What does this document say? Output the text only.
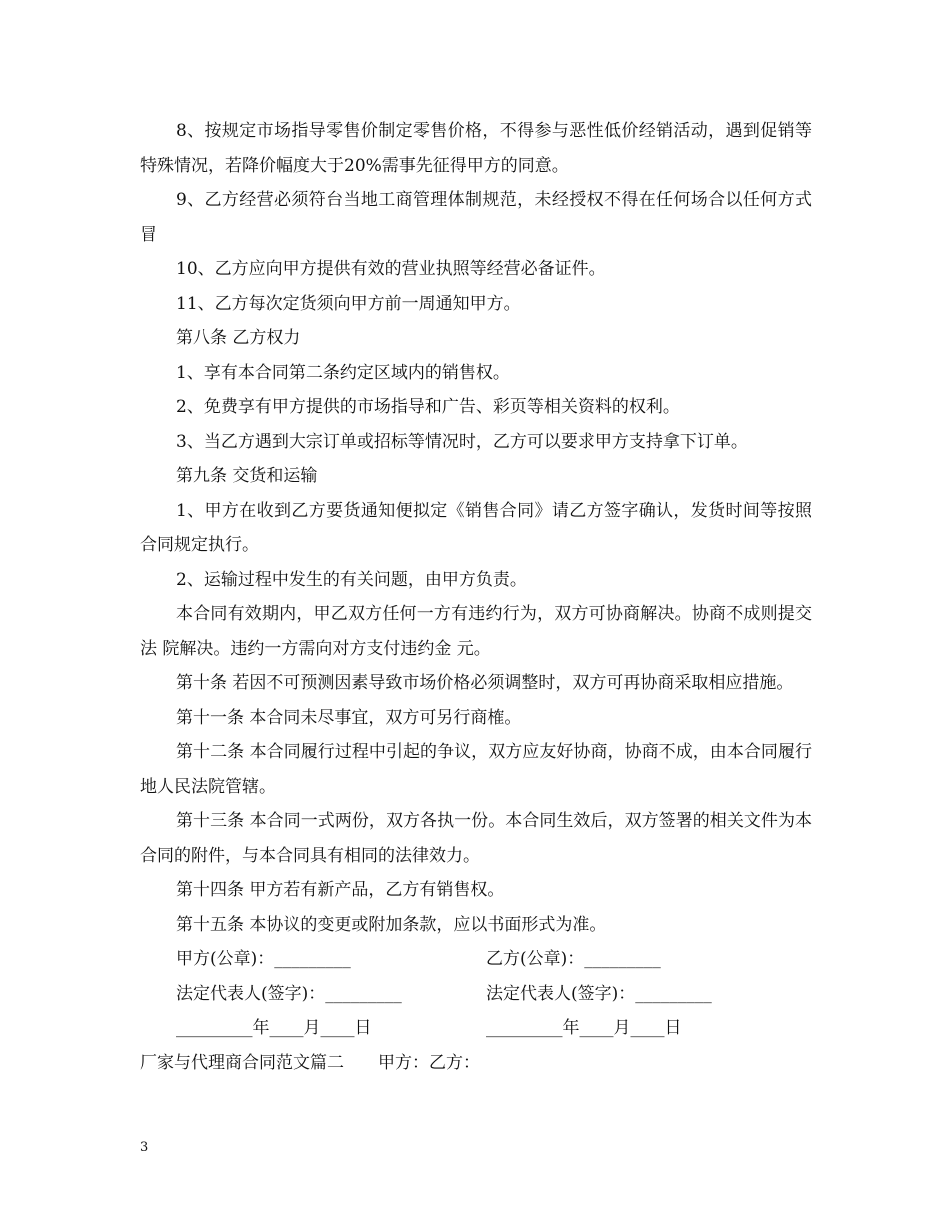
8、按规定市场指导零售价制定零售价格，不得参与恶性低价经销活动，遇到促销等特殊情况，若降价幅度大于20%需事先征得甲方的同意。

9、乙方经营必须符台当地工商管理体制规范，未经授权不得在任何场合以任何方式冒

10、乙方应向甲方提供有效的营业执照等经营必备证件。

11、乙方每次定货须向甲方前一周通知甲方。

第八条 乙方权力

1、享有本合同第二条约定区域内的销售权。

2、免费享有甲方提供的市场指导和广告、彩页等相关资料的权利。

3、当乙方遇到大宗订单或招标等情况时，乙方可以要求甲方支持拿下订单。

第九条 交货和运输

1、甲方在收到乙方要货通知便拟定《销售合同》请乙方签字确认，发货时间等按照合同规定执行。

2、运输过程中发生的有关问题，由甲方负责。

本合同有效期内，甲乙双方任何一方有违约行为，双方可协商解决。协商不成则提交法 院解决。违约一方需向对方支付违约金 元。

第十条 若因不可预测因素导致市场价格必须调整时，双方可再协商采取相应措施。

第十一条 本合同未尽事宜，双方可另行商榷。

第十二条 本合同履行过程中引起的争议，双方应友好协商，协商不成，由本合同履行 地人民法院管辖。

第十三条 本合同一式两份，双方各执一份。本合同生效后，双方签署的相关文件为本合同的附件，与本合同具有相同的法律效力。

第十四条 甲方若有新产品，乙方有销售权。

第十五条 本协议的变更或附加条款，应以书面形式为准。

甲方(公章)：_________	乙方(公章)：_________
法定代表人(签字)：_________	法定代表人(签字)：_________
_________年____月____日	_________年____月____日

厂家与代理商合同范文篇二 甲方：乙方：

3
